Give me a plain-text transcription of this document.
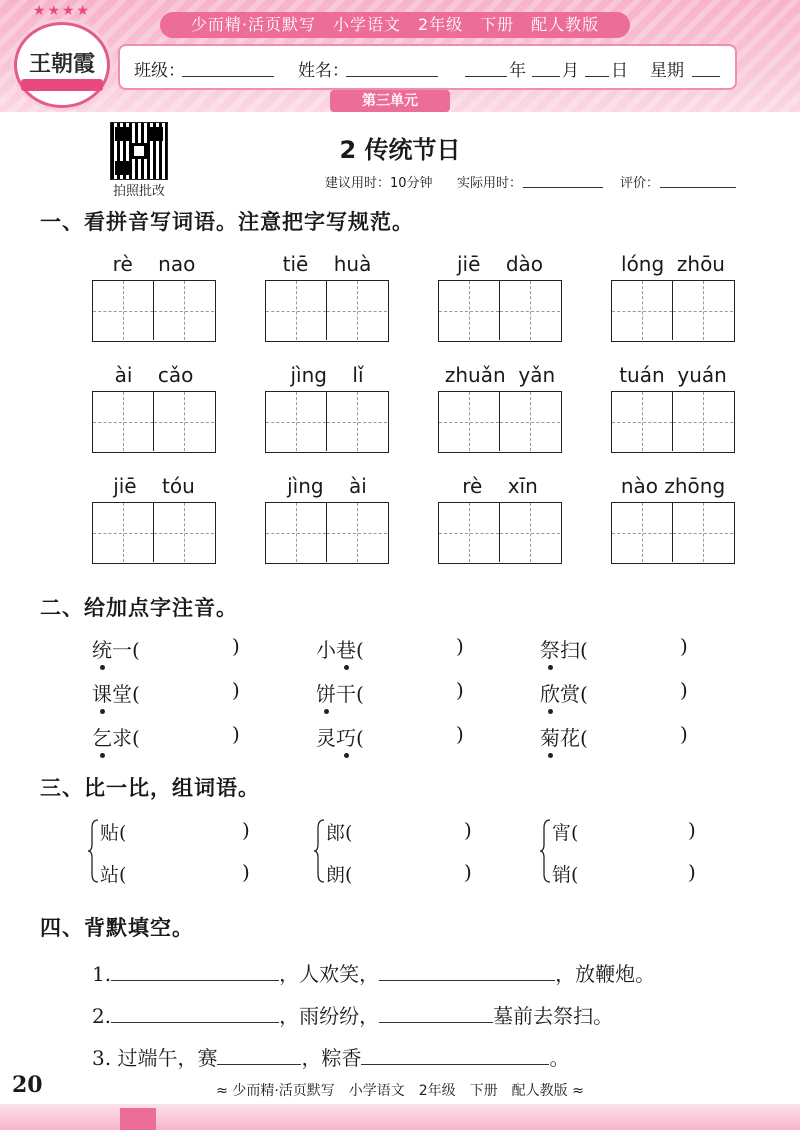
少而精·活页默写　小学语文　2年级　下册　配人教版
★★★★
王朝霞	班级：	姓名：	年 月 日 星期
第三单元
拍照批改
2 传统节日
建议用时：10分钟 实际用时：	评价：
一、看拼音写词语。注意把字写规范。
rè    nao	tiē    huà	jiē    dào	lóng  zhōu
ài    cǎo	jìng    lǐ	zhuǎn  yǎn	tuán  yuán
jiē    tóu	jìng    ài	rè    xīn	nào zhōng
二、给加点字注音。
统一(	)	小巷(	)	祭扫(	)
课堂(	)	饼干(	)	欣赏(	)
乞求(	)	灵巧(	)	菊花(	)
三、比一比，组词语。
贴(	)
站(	)
郎(	)
朗(	)
宵(	)
销(	)
四、背默填空。
1.	，人欢笑，	，放鞭炮。
2.	，雨纷纷，	墓前去祭扫。
3. 过端午，赛	，粽香	。
20	≈ 少而精·活页默写　小学语文　2年级　下册　配人教版 ≈
